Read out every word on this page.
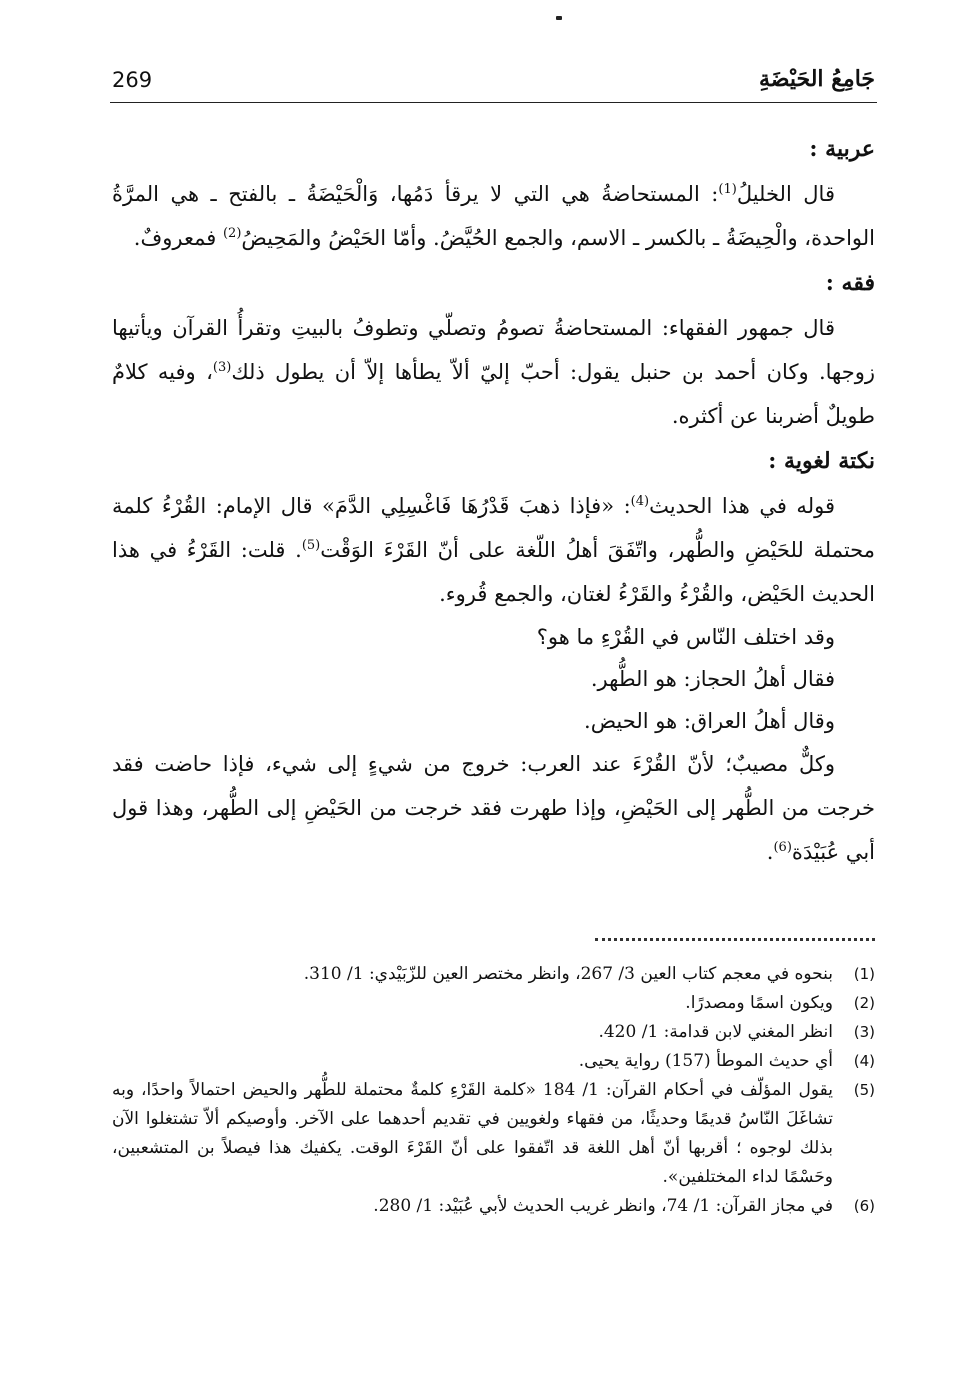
269	جَامِعُ الحَيْضَةِ
عربية :

قال الخليلُ$^{(1)}$: المستحاضةُ هي التي لا يرقأ دَمُها، وَالْحَيْضَةُ ـ بالفتح ـ هي المرَّةُ الواحدة، والْحِيضَةُ ـ بالكسر ـ الاسم، والجمع الحُيَّضُ. وأمّا الحَيْضُ والمَحِيضُ$^{(2)}$ فمعروفٌ.

فقه :

قال جمهور الفقهاء: المستحاضةُ تصومُ وتصلّي وتطوفُ بالبيتِ وتقرأُ القرآن ويأتيها زوجها. وكان أحمد بن حنبل يقول: أحبّ إليّ ألاّ يطأها إلاّ أن يطول ذلك$^{(3)}$، وفيه كلامٌ طويلٌ أضربنا عن أكثره.

نكتة لغوية :

قوله في هذا الحديث$^{(4)}$: «فإذا ذهبَ قَدْرُهَا فَاغْسِلِي الدَّمَ» قال الإمام: القُرْءُ كلمة محتملة للحَيْضِ والطُّهر، واتّفَقَ أهلُ اللّغة على أنّ القَرْءَ الوَقْت$^{(5)}$. قلت: القَرْءُ في هذا الحديث الحَيْض، والقُرْءُ والقَرْءُ لغتان، والجمع قُروء.

وقد اختلف النّاس في القُرْءِ ما هو؟

فقال أهلُ الحجاز: هو الطُّهر.

وقال أهلُ العراق: هو الحيض.

وكلٌّ مصيبٌ؛ لأنّ القُرْءَ عند العرب: خروج من شيءٍ إلى شيء، فإذا حاضت فقد خرجت من الطُّهر إلى الحَيْضِ، وإذا طهرت فقد خرجت من الحَيْضِ إلى الطُّهر، وهذا قول أبي عُبَيْدَة$^{(6)}$.

(1)
بنحوه في معجم كتاب العين 3/ 267، وانظر مختصر العين للزّبَيْدي: 1/ 310.
(2)
ويكون اسمًا ومصدرًا.
(3)
انظر المغني لابن قدامة: 1/ 420.
(4)
أي حديث الموطأ (157) رواية يحيى.
(5)
يقول المؤلّف في أحكام القرآن: 1/ 184 «كلمة القَرْءِ كلمةٌ محتملة للطُّهر والحيض احتمالاً واحدًا، وبه تشاغَلَ النّاسُ قديمًا وحديثًا، من فقهاء ولغويين في تقديم أحدهما على الآخر. وأوصيكم ألاّ تشتغلوا الآن بذلك لوجوه ؛ أقربها أنّ أهل اللغة قد اتّفقوا على أنّ القَرْءَ الوقت. يكفيك هذا فيصلاً بن المتشعبين، وحَسْمًا لداء المختلفين».
(6)
في مجاز القرآن: 1/ 74، وانظر غريب الحديث لأبي عُبَيْد: 1/ 280.
